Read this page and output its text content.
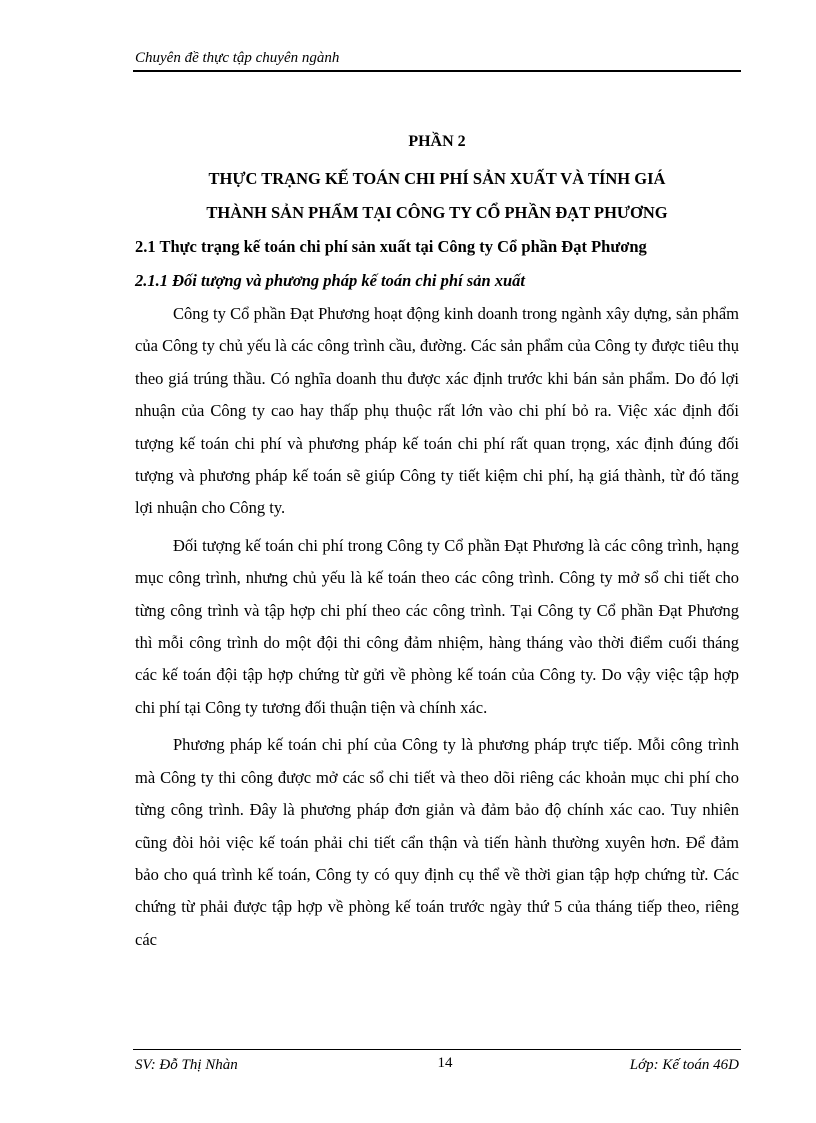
Chuyên đề thực tập chuyên ngành

PHẦN 2

THỰC TRẠNG KẾ TOÁN CHI PHÍ SẢN XUẤT VÀ TÍNH GIÁ

THÀNH SẢN PHẨM TẠI CÔNG TY CỔ PHẦN ĐẠT PHƯƠNG

2.1 Thực trạng kế toán chi phí sản xuất tại Công ty Cổ phần Đạt Phương

2.1.1 Đối tượng và phương pháp kế toán chi phí sản xuất

Công ty Cổ phần Đạt Phương hoạt động kinh doanh trong ngành xây dựng, sản phẩm của Công ty chủ yếu là các công trình cầu, đường. Các sản phẩm của Công ty được tiêu thụ theo giá trúng thầu. Có nghĩa doanh thu được xác định trước khi bán sản phẩm. Do đó lợi nhuận của Công ty cao hay thấp phụ thuộc rất lớn vào chi phí bỏ ra. Việc xác định đối tượng kế toán chi phí và phương pháp kế toán chi phí rất quan trọng, xác định đúng đối tượng và phương pháp kế toán sẽ giúp Công ty tiết kiệm chi phí, hạ giá thành, từ đó tăng lợi nhuận cho Công ty.

Đối tượng kế toán chi phí trong Công ty Cổ phần Đạt Phương là các công trình, hạng mục công trình, nhưng chủ yếu là kế toán theo các công trình. Công ty mở sổ chi tiết cho từng công trình và tập hợp chi phí theo các công trình. Tại Công ty Cổ phần Đạt Phương thì mỗi công trình do một đội thi công đảm nhiệm, hàng tháng vào thời điểm cuối tháng các kế toán đội tập hợp chứng từ gửi về phòng kế toán của Công ty. Do vậy việc tập hợp chi phí tại Công ty tương đối thuận tiện và chính xác.

Phương pháp kế toán chi phí của Công ty là phương pháp trực tiếp. Mỗi công trình mà Công ty thi công được mở các sổ chi tiết và theo dõi riêng các khoản mục chi phí cho từng công trình. Đây là phương pháp đơn giản và đảm bảo độ chính xác cao. Tuy nhiên cũng đòi hỏi việc kế toán phải chi tiết cẩn thận và tiến hành thường xuyên hơn. Để đảm bảo cho quá trình kế toán, Công ty có quy định cụ thể về thời gian tập hợp chứng từ. Các chứng từ phải được tập hợp về phòng kế toán trước ngày thứ 5 của tháng tiếp theo, riêng các

SV: Đỗ Thị Nhàn	14	Lớp: Kế toán 46D
